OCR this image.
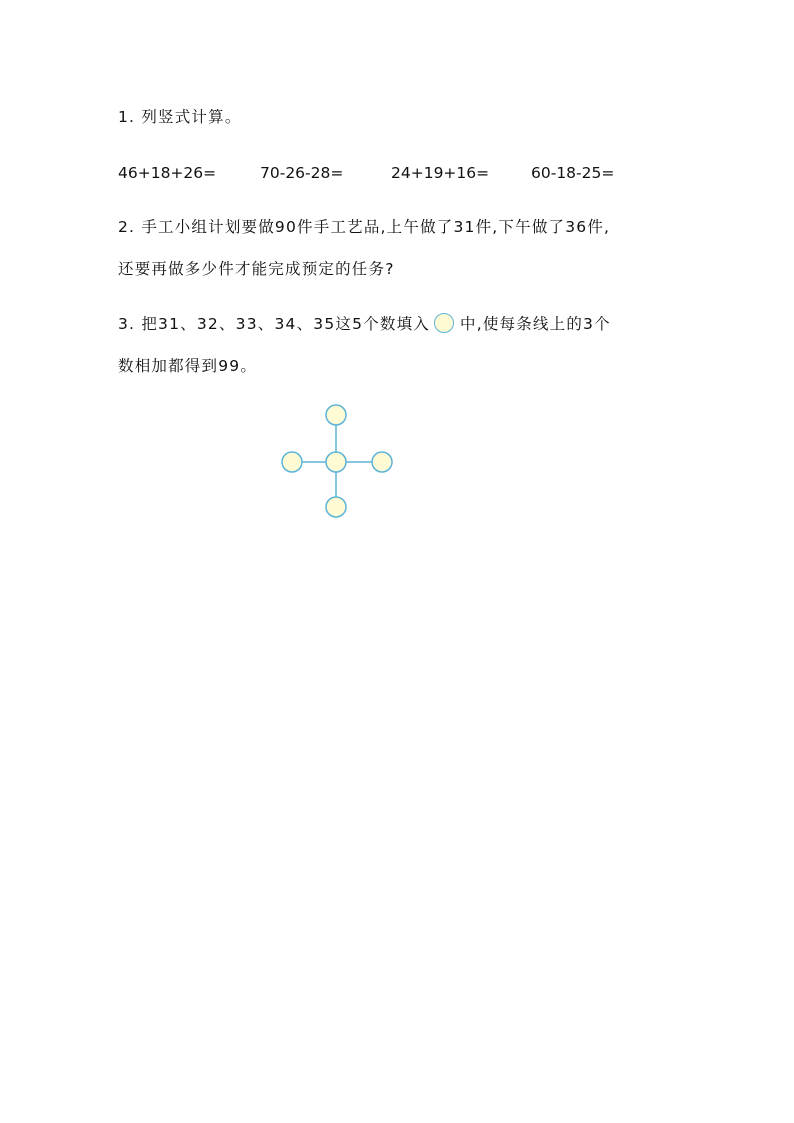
1. 列竖式计算。
46+18+26=	70-26-28=	24+19+16=	60-18-25=
2. 手工小组计划要做90件手工艺品,上午做了31件,下午做了36件,
还要再做多少件才能完成预定的任务?
3. 把31、32、33、34、35这5个数填入 中,使每条线上的3个
数相加都得到99。
